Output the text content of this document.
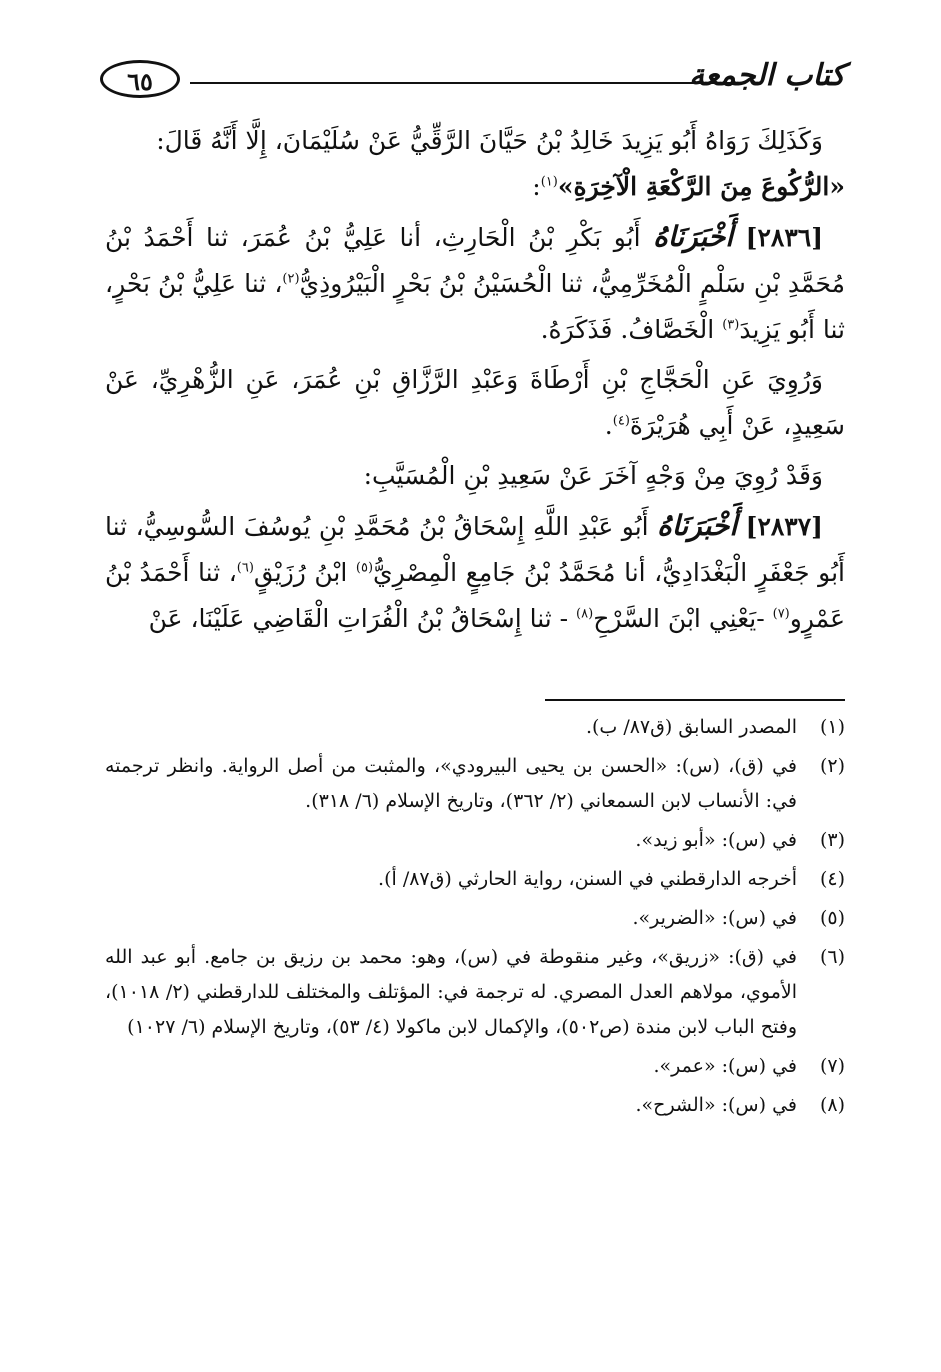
كتاب الجمعة
٦٥

وَكَذَلِكَ رَوَاهُ أَبُو يَزِيدَ خَالِدُ بْنُ حَيَّانَ الرَّقِّيُّ عَنْ سُلَيْمَانَ، إِلَّا أَنَّهُ قَالَ:
«الرُّكُوعَ مِنَ الرَّكْعَةِ الْآخِرَةِ»$^{(١)}$:

[٢٨٣٦] أَخْبَرَنَاهُ أَبُو بَكْرِ بْنُ الْحَارِثِ، أنا عَلِيُّ بْنُ عُمَرَ، ثنا أَحْمَدُ بْنُ مُحَمَّدِ بْنِ سَلْمٍ الْمُخَرِّمِيُّ، ثنا الْحُسَيْنُ بْنُ بَحْرٍ الْبَيْرُوذِيُّ$^{(٢)}$، ثنا عَلِيُّ بْنُ بَحْرٍ، ثنا أَبُو يَزِيدَ$^{(٣)}$ الْخَصَّافُ. فَذَكَرَهُ.

وَرُوِيَ عَنِ الْحَجَّاجِ بْنِ أَرْطَاةَ وَعَبْدِ الرَّزَّاقِ بْنِ عُمَرَ، عَنِ الزُّهْرِيِّ، عَنْ سَعِيدٍ، عَنْ أَبِي هُرَيْرَةَ$^{(٤)}$.

وَقَدْ رُوِيَ مِنْ وَجْهٍ آخَرَ عَنْ سَعِيدِ بْنِ الْمُسَيَّبِ:

[٢٨٣٧] أَخْبَرَنَاهُ أَبُو عَبْدِ اللَّهِ إِسْحَاقُ بْنُ مُحَمَّدِ بْنِ يُوسُفَ السُّوسِيُّ، ثنا أَبُو جَعْفَرٍ الْبَغْدَادِيُّ، أنا مُحَمَّدُ بْنُ جَامِعٍ الْمِصْرِيُّ$^{(٥)}$ ابْنُ رُزَيْقٍ$^{(٦)}$، ثنا أَحْمَدُ بْنُ عَمْرٍو$^{(٧)}$ -يَعْنِي ابْنَ السَّرْحِ$^{(٨)}$ - ثنا إِسْحَاقُ بْنُ الْفُرَاتِ الْقَاضِي عَلَيْنَا، عَنْ

(١)
المصدر السابق (ق٨٧/ ب).
(٢)
في (ق)، (س): «الحسن بن يحيى البيرودي»، والمثبت من أصل الرواية. وانظر ترجمته في: الأنساب لابن السمعاني (٢/ ٣٦٢)، وتاريخ الإسلام (٦/ ٣١٨).
(٣)
في (س): «أبو زيد».
(٤)
أخرجه الدارقطني في السنن، رواية الحارثي (ق٨٧/ أ).
(٥)
في (س): «الضرير».
(٦)
في (ق): «زريق»، وغير منقوطة في (س)، وهو: محمد بن رزيق بن جامع. أبو عبد الله الأموي، مولاهم العدل المصري. له ترجمة في: المؤتلف والمختلف للدارقطني (٢/ ١٠١٨)، وفتح الباب لابن مندة (ص٥٠٢)، والإكمال لابن ماكولا (٤/ ٥٣)، وتاريخ الإسلام (٦/ ١٠٢٧)
(٧)
في (س): «عمر».
(٨)
في (س): «الشرح».
